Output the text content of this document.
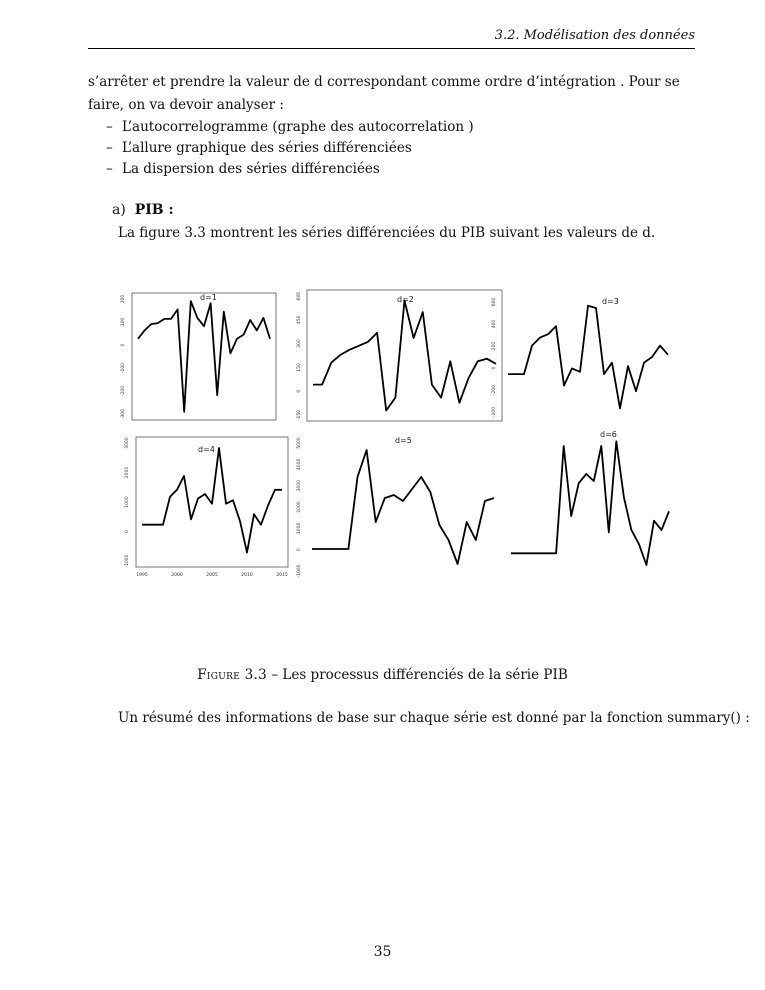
3.2. Modélisation des données
s’arrêter et prendre la valeur de d correspondant comme ordre d’intégration . Pour se faire, on va devoir analyser :
– L’autocorrelogramme (graphe des autocorrelation )
– L’allure graphique des séries différenciées
– La dispersion des séries différenciées
a) PIB :
La figure 3.3 montrent les séries différenciées du PIB suivant les valeurs de d.
d=1
-300
-200
-100
0
100
200	d=2
-150
0
150
300
450
600
d=3
-400
-200
0
200
400
600
d=4
-1000
0
1000
2000
3000
1995	2000	2005	2010	2015
d=5
-1000
0
1000
2000
3000
4000
5000
d=6
Figure 3.3 – Les processus différenciés de la série PIB
Un résumé des informations de base sur chaque série est donné par la fonction summary() :
35
